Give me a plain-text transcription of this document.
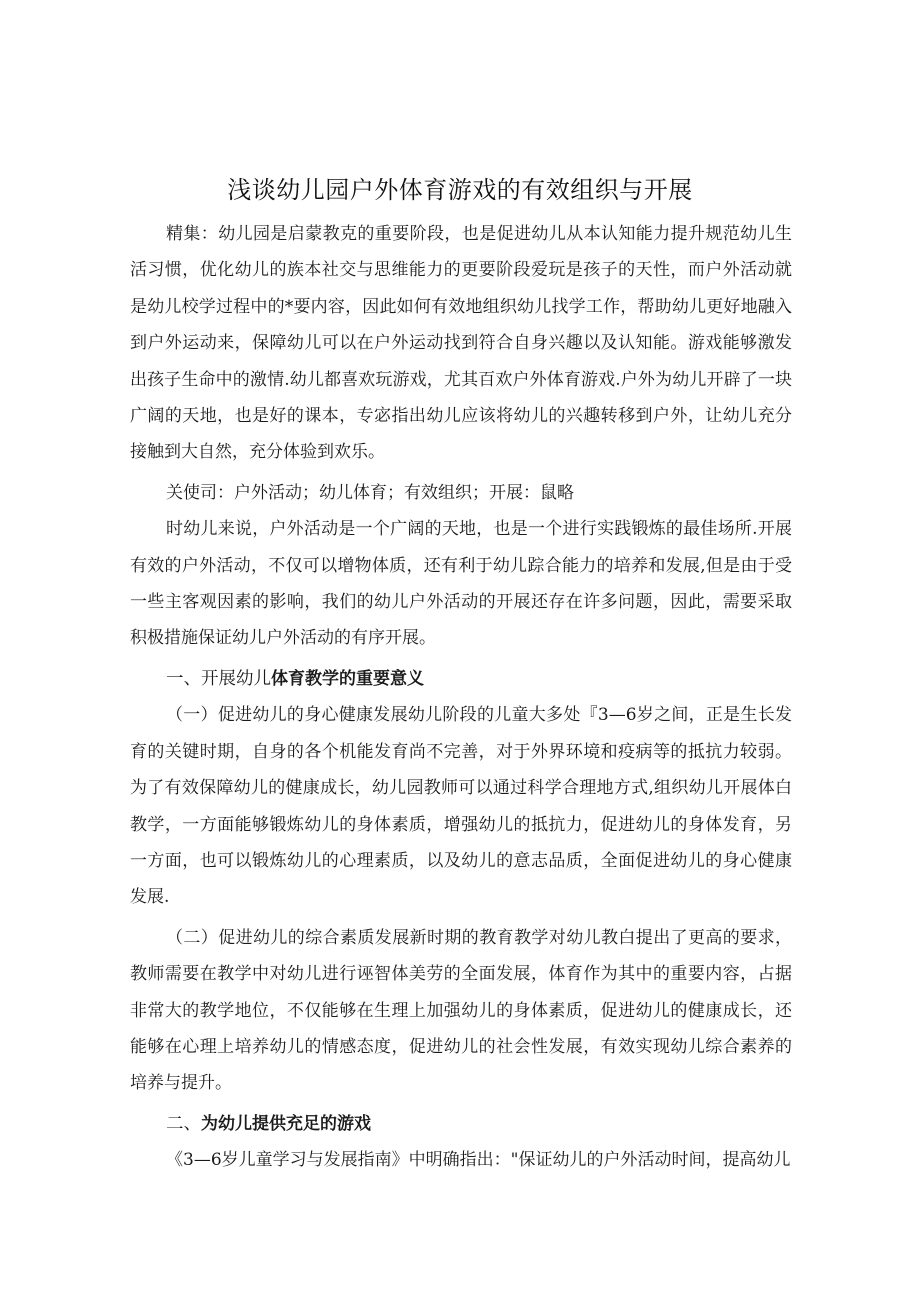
浅谈幼儿园户外体育游戏的有效组织与开展

精集：幼儿园是启蒙教克的重要阶段，也是促进幼儿从本认知能力提升规范幼儿生活习惯，优化幼儿的族本社交与思维能力的更要阶段爱玩是孩子的天性，而户外活动就是幼儿校学过程中的*要内容，因此如何有效地组织幼儿找学工作，帮助幼儿更好地融入到户外运动来，保障幼儿可以在户外运动找到符合自身兴趣以及认知能。游戏能够激发出孩子生命中的激情.幼儿都喜欢玩游戏，尤其百欢户外体育游戏.户外为幼儿开辟了一块广阔的天地，也是好的课本，专宓指出幼儿应该将幼儿的兴趣转移到户外，让幼儿充分接触到大自然，充分体验到欢乐。

关使司：户外活动；幼儿体育；有效组织；开展：鼠略

时幼儿来说，户外活动是一个广阔的天地，也是一个进行实践锻炼的最佳场所.开展有效的户外活动，不仅可以增物体质，还有利于幼儿踪合能力的培养和发展,但是由于受一些主客观因素的影响，我们的幼儿户外活动的开展还存在许多问题，因此，需要采取积极措施保证幼儿户外活动的有序开展。

一、开展幼儿体育教学的重要意义

（一）促进幼儿的身心健康发展幼儿阶段的儿童大多处『3—6岁之间，正是生长发育的关键时期，自身的各个机能发育尚不完善，对于外界环境和疫病等的抵抗力较弱。为了有效保障幼儿的健康成长，幼儿园教师可以通过科学合理地方式,组织幼儿开展体白教学，一方面能够锻炼幼儿的身体素质，增强幼儿的抵抗力，促进幼儿的身体发育，另一方面，也可以锻炼幼儿的心理素质，以及幼儿的意志品质，全面促进幼儿的身心健康发展.

（二）促进幼儿的综合素质发展新时期的教育教学对幼儿教白提出了更高的要求，教师需要在教学中对幼儿进行诬智体美劳的全面发展，体育作为其中的重要内容，占据非常大的教学地位，不仅能够在生理上加强幼儿的身体素质，促进幼儿的健康成长，还能够在心理上培养幼儿的情感态度，促进幼儿的社会性发展，有效实现幼儿综合素养的培养与提升。

二、为幼儿提供充足的游戏

《3—6岁儿童学习与发展指南》中明确指出："保证幼儿的户外活动时间，提高幼儿
